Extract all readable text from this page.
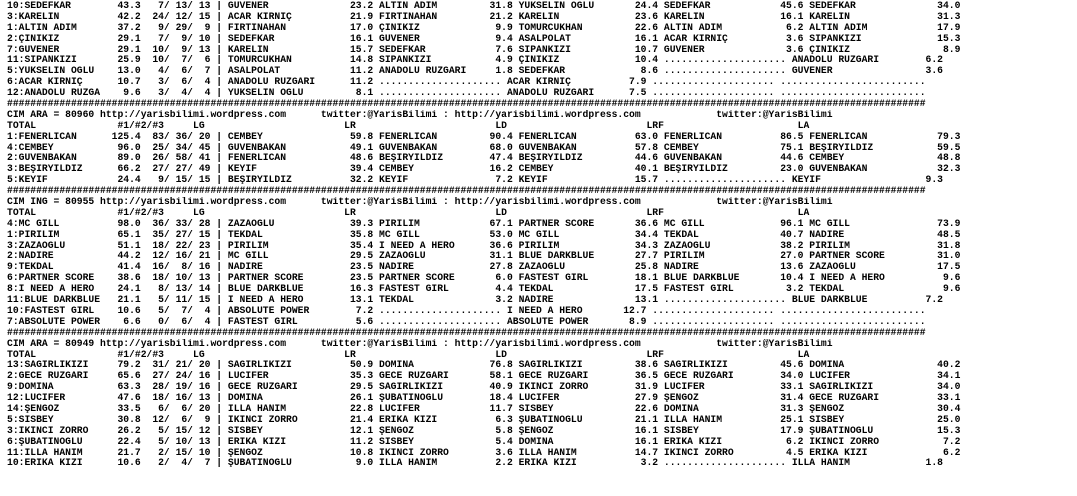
10:SEDEFKAR        43.3   7/ 13/ 13 | GÜVENER              23.2 ALTIN ADIM         31.8 YÜKSELİN OĞLU       24.4 SEDEFKAR            45.6 SEDEFKAR              34.0
3:KARELİN          42.2  24/ 12/ 15 | ACAR KIRNIÇ          21.9 FIRTINAHAN         21.2 KARELİN             23.6 KARELİN             16.1 KARELİN               31.3
1:ALTIN ADIM       37.2   9/ 29/  9 | FIRTINAHAN           17.0 ÇİNİKIZ             9.9 TOMURCUKHAN         22.6 ALTIN ADIM           6.2 ALTIN ADIM            17.9
2:ÇİNİKIZ          29.1   7/  9/ 10 | SEDEFKAR             16.1 GÜVENER             9.4 ASALPOLAT           16.1 ACAR KIRNIÇ          3.6 SİPANKIZI             15.3
7:GÜVENER          29.1  10/  9/ 13 | KARELİN              15.7 SEDEFKAR            7.6 SİPANKIZI           10.7 GÜVENER              3.6 ÇİNİKIZ                8.9
11:SİPANKIZI       25.9  10/  7/  6 | TOMURCUKHAN          14.8 SİPANKIZI           4.9 ÇİNİKIZ             10.4 ..................... ANADOLU RÜZGARI        6.2
5:YÜKSELİN OĞLU    13.0   4/  6/  7 | ASALPOLAT            11.2 ANADOLU RÜZGARI     1.8 SEDEFKAR             8.6 ..................... GÜVENER                3.6
6:ACAR KIRNIÇ      10.7   3/  6/  4 | ANADOLU RÜZGARI      11.2 ..................... ACAR KIRNIÇ          7.9 ..................... .........................
12:ANADOLU RÜZGA    9.6   3/  4/  4 | YÜKSELİN OĞLU         8.1 ..................... ANADOLU RÜZGARI      7.5 ..................... .........................
##############################################################################################################################################################
CIM ARA = 80960 http://yarisbilimi.wordpress.com      twitter:@YarisBilimi : http://yarisbilimi.wordpress.com             twitter:@YarisBilimi
TOTAL              #1/#2/#3     LG                        LR                        LD                        LRF                       LA
1:FENERLİCAN      125.4  83/ 36/ 20 | CEMBEY               59.8 FENERLİCAN         90.4 FENERLİCAN          63.0 FENERLİCAN          86.5 FENERLİCAN            79.3
4:CEMBEY           96.0  25/ 34/ 45 | GÜVENBAKAN           49.1 GÜVENBAKAN         68.0 GÜVENBAKAN          57.8 CEMBEY              75.1 BEŞİRYILDIZ           59.5
2:GÜVENBAKAN       89.0  26/ 58/ 41 | FENERLİCAN           48.6 BEŞİRYILDIZ        47.4 BEŞİRYILDIZ         44.6 GÜVENBAKAN          44.6 CEMBEY                48.8
3:BEŞİRYILDIZ      66.2  27/ 27/ 49 | KEYİF                39.4 CEMBEY             16.2 CEMBEY              40.1 BEŞİRYILDIZ         23.0 GÜVENBAKAN            32.3
5:KEYİF            24.4   9/ 15/ 15 | BEŞİRYILDIZ          32.2 KEYİF               7.2 KEYİF               15.7 ..................... KEYİF                  9.3
##############################################################################################################################################################
CIM ING = 80955 http://yarisbilimi.wordpress.com      twitter:@YarisBilimi : http://yarisbilimi.wordpress.com             twitter:@YarisBilimi
TOTAL              #1/#2/#3     LG                        LR                        LD                        LRF                       LA
4:MC GILL          98.0  36/ 33/ 28 | ZAZAOĞLU             39.3 PIRILIM            67.1 PARTNER SCORE       36.6 MC GILL             96.1 MC GILL               73.9
1:PIRILIM          65.1  35/ 27/ 15 | TEKDAL               35.8 MC GILL            53.0 MC GILL             34.4 TEKDAL              40.7 NADİRE                48.5
3:ZAZAOĞLU         51.1  18/ 22/ 23 | PIRILIM              35.4 I NEED A HERO      36.6 PIRILIM             34.3 ZAZAOĞLU            38.2 PIRILIM               31.8
2:NADİRE           44.2  12/ 16/ 21 | MC GILL              29.5 ZAZAOĞLU           31.1 BLUE DARKBLUE       27.7 PIRILIM             27.0 PARTNER SCORE         31.0
9:TEKDAL           41.4  16/  8/ 16 | NADİRE               23.5 NADİRE             27.8 ZAZAOĞLU            25.8 NADİRE              13.6 ZAZAOĞLU              17.5
6:PARTNER SCORE    38.6  18/ 10/ 13 | PARTNER SCORE        23.5 PARTNER SCORE       6.0 FASTEST GIRL        18.1 BLUE DARKBLUE       10.4 I NEED A HERO          9.6
8:I NEED A HERO    24.1   8/ 13/ 14 | BLUE DARKBLUE        16.3 FASTEST GIRL        4.4 TEKDAL              17.5 FASTEST GIRL         3.2 TEKDAL                 9.6
11:BLUE DARKBLUE   21.1   5/ 11/ 15 | I NEED A HERO        13.1 TEKDAL              3.2 NADİRE              13.1 ..................... BLUE DARKBLUE          7.2
10:FASTEST GIRL    10.6   5/  7/  4 | ABSOLUTE POWER        7.2 ..................... I NEED A HERO       12.7 ..................... .........................
7:ABSOLUTE POWER    6.6   0/  6/  4 | FASTEST GIRL          5.6 ..................... ABSOLUTE POWER       8.9 ..................... .........................
##############################################################################################################################################################
CIM ARA = 80949 http://yarisbilimi.wordpress.com      twitter:@YarisBilimi : http://yarisbilimi.wordpress.com             twitter:@YarisBilimi
TOTAL              #1/#2/#3     LG                        LR                        LD                        LRF                       LA
13:SAĞIRLIKIZI     79.2  31/ 21/ 20 | SAĞIRLIKIZI          50.9 DOMİNA             76.8 SAĞIRLIKIZI         38.6 SAĞIRLIKIZI         45.6 DOMİNA                40.2
2:GECE RÜZGARI     65.6  27/ 24/ 16 | LUCİFER              35.3 GECE RÜZGARI       58.1 GECE RÜZGARI        36.5 GECE RÜZGARI        34.0 LUCİFER               34.1
9:DOMİNA           63.3  28/ 19/ 16 | GECE RÜZGARI         29.5 SAĞIRLIKIZI        40.9 İKİNCİ ZORRO        31.9 LUCİFER             33.1 SAĞIRLIKIZI           34.0
12:LUCİFER         47.6  18/ 16/ 13 | DOMİNA               26.1 ŞUBATINOĞLU        18.4 LUCİFER             27.9 ŞENGÖZ              31.4 GECE RÜZGARI          33.1
14:ŞENGÖZ          33.5   6/  6/ 20 | İLLA HANIM           22.8 LUCİFER            11.7 SİSBEY              22.6 DOMİNA              31.3 ŞENGÖZ                30.4
5:SİSBEY           30.8  12/  6/  9 | İKİNCİ ZORRO         21.4 ERİKA KIZI          6.3 ŞUBATINOĞLU         21.1 İLLA HANIM          25.1 SİSBEY                25.0
3:İKİNCİ ZORRO     26.2   5/ 15/ 12 | SİSBEY               12.1 ŞENGÖZ              5.8 ŞENGÖZ              16.1 SİSBEY              17.9 ŞUBATINOĞLU           15.3
6:ŞUBATINOĞLU      22.4   5/ 10/ 13 | ERİKA KIZI           11.2 SİSBEY              5.4 DOMİNA              16.1 ERİKA KIZI           6.2 İKİNCİ ZORRO           7.2
11:İLLA HANIM      21.7   2/ 15/ 10 | ŞENGÖZ               10.8 İKİNCİ ZORRO        3.6 İLLA HANIM          14.7 İKİNCİ ZORRO         4.5 ERİKA KIZI             6.2
10:ERİKA KIZI      10.6   2/  4/  7 | ŞUBATINOĞLU           9.0 İLLA HANIM          2.2 ERİKA KIZI           3.2 ..................... İLLA HANIM             1.8
